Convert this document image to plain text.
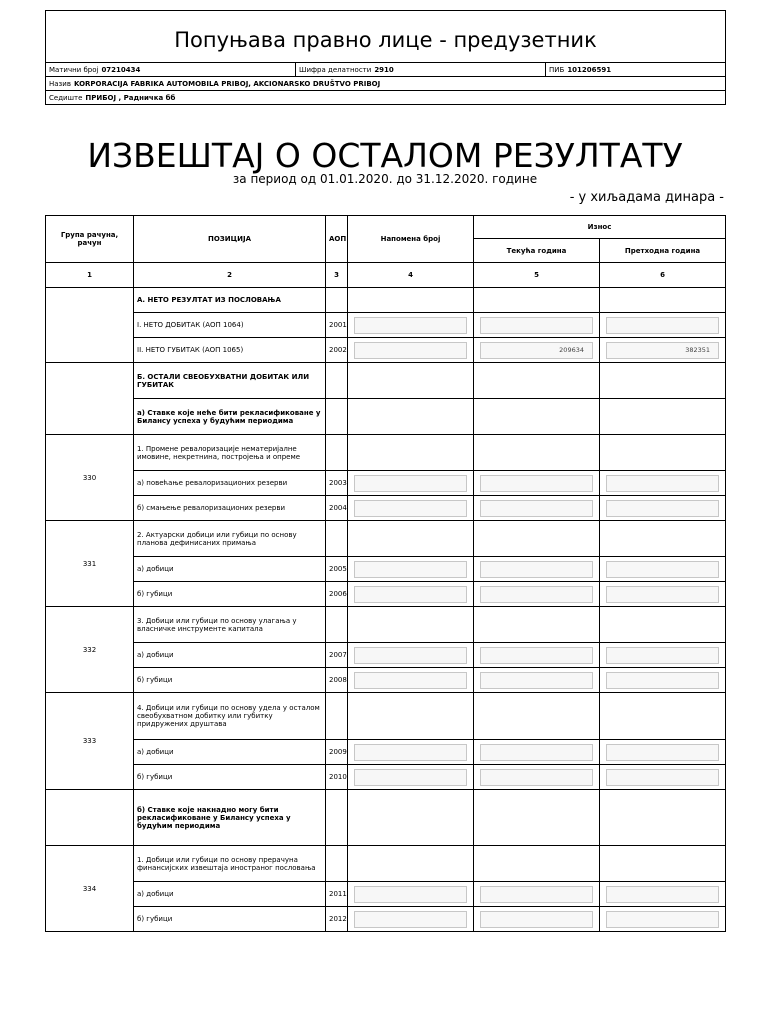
Попуњава правно лице - предузетник
Матични број 07210434	Шифра делатности 2910	ПИБ 101206591
Назив KORPORACIJA FABRIKA AUTOMOBILA PRIBOJ, AKCIONARSKO DRUŠTVO PRIBOJ
Седиште ПРИБОЈ , Радничка бб
ИЗВЕШТАЈ О ОСТАЛОМ РЕЗУЛТАТУ
за период од 01.01.2020. до 31.12.2020. године
- у хиљадама динара -
Група рачуна, рачун	ПОЗИЦИЈА	АОП	Напомена број	Износ	
				Текућа година	Претходна година
1	2	3	4	5	6
	А. НЕТО РЕЗУЛТАТ ИЗ ПОСЛОВАЊА				
	I. НЕТО ДОБИТАК (АОП 1064)	2001	

	II. НЕТО ГУБИТАК (АОП 1065)	2002		209634	382351

	Б. ОСТАЛИ СВЕОБУХВАТНИ ДОБИТАК ИЛИ ГУБИТАК				
	а) Ставке које неће бити рекласификоване у Билансу успеха у будућим периодима				
330	1. Промене ревалоризације нематеријалне имовине, некретнина, постројења и опреме				
	а) повећање ревалоризационих резерви	2003	

	б) смањење ревалоризационих резерви	2004	

331	2. Актуарски добици или губици по основу планова дефинисаних примања				
	а) добици	2005	

	б) губици	2006	

332	3. Добици или губици по основу улагања у власничке инструменте капитала				
	а) добици	2007	

	б) губици	2008	

333	4. Добици или губици по основу удела у осталом свеобухватном добитку или губитку придружених друштава				
	а) добици	2009	

	б) губици	2010	

	б) Ставке које накнадно могу бити рекласификоване у Билансу успеха у будућим периодима				
334	1. Добици или губици по основу прерачуна финансијских извештаја иностраног пословања				
	а) добици	2011	

	б) губици	2012	
